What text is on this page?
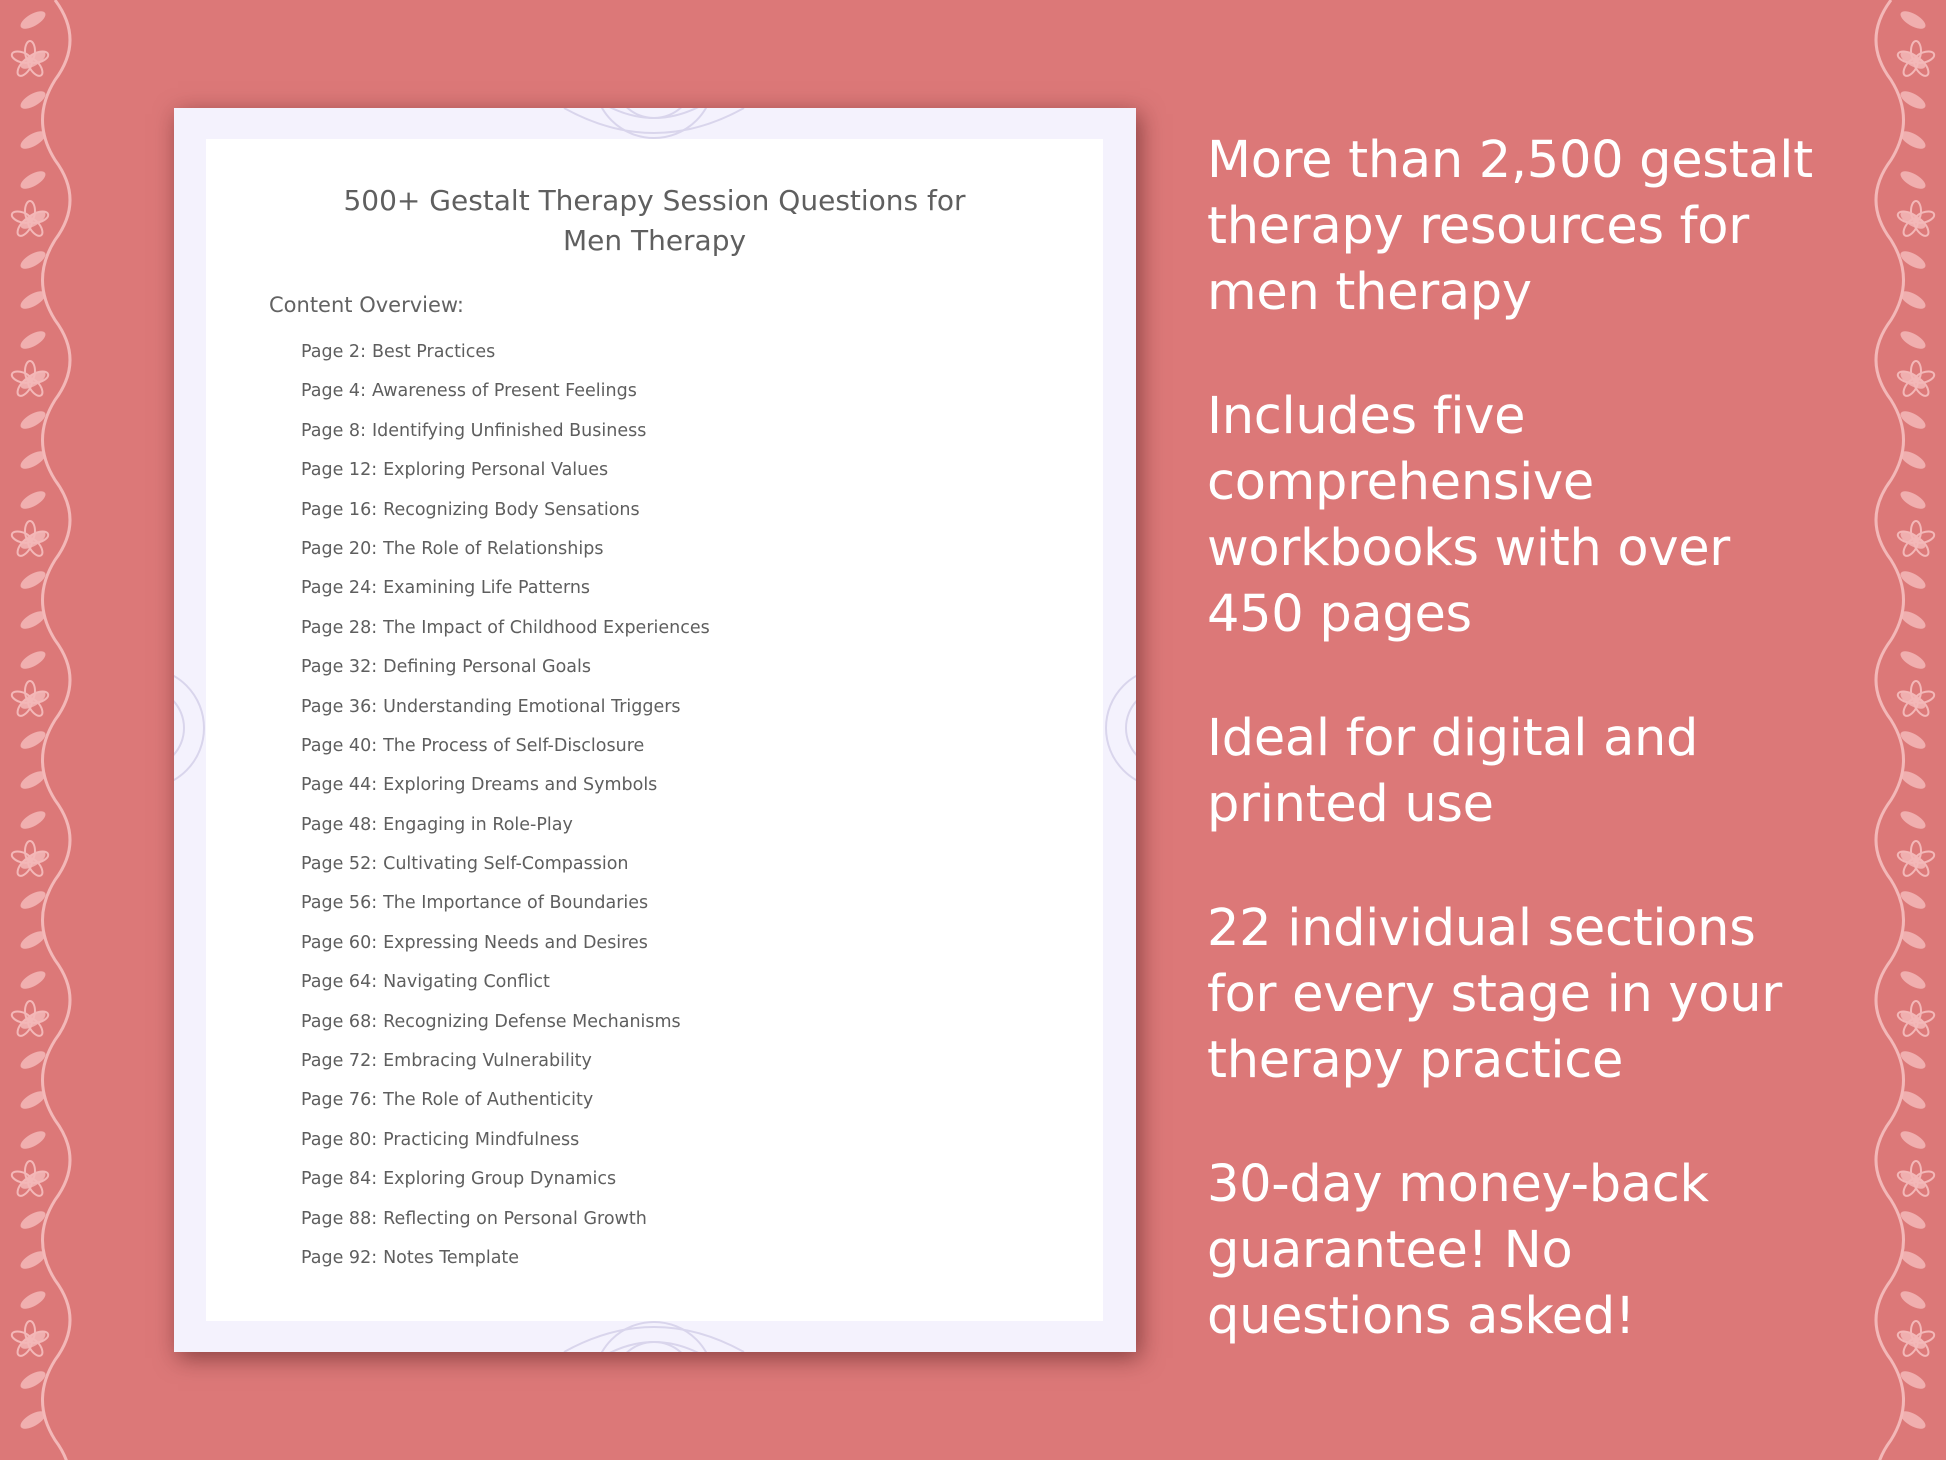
500+ Gestalt Therapy Session Questions for
Men Therapy
Content Overview:
Page 2: Best Practices
Page 4: Awareness of Present Feelings
Page 8: Identifying Unfinished Business
Page 12: Exploring Personal Values
Page 16: Recognizing Body Sensations
Page 20: The Role of Relationships
Page 24: Examining Life Patterns
Page 28: The Impact of Childhood Experiences
Page 32: Defining Personal Goals
Page 36: Understanding Emotional Triggers
Page 40: The Process of Self-Disclosure
Page 44: Exploring Dreams and Symbols
Page 48: Engaging in Role-Play
Page 52: Cultivating Self-Compassion
Page 56: The Importance of Boundaries
Page 60: Expressing Needs and Desires
Page 64: Navigating Conflict
Page 68: Recognizing Defense Mechanisms
Page 72: Embracing Vulnerability
Page 76: The Role of Authenticity
Page 80: Practicing Mindfulness
Page 84: Exploring Group Dynamics
Page 88: Reflecting on Personal Growth
Page 92: Notes Template
More than 2,500 gestalt
therapy resources for
men therapy
Includes five
comprehensive
workbooks with over
450 pages
Ideal for digital and
printed use
22 individual sections
for every stage in your
therapy practice
30-day money-back
guarantee! No
questions asked!
